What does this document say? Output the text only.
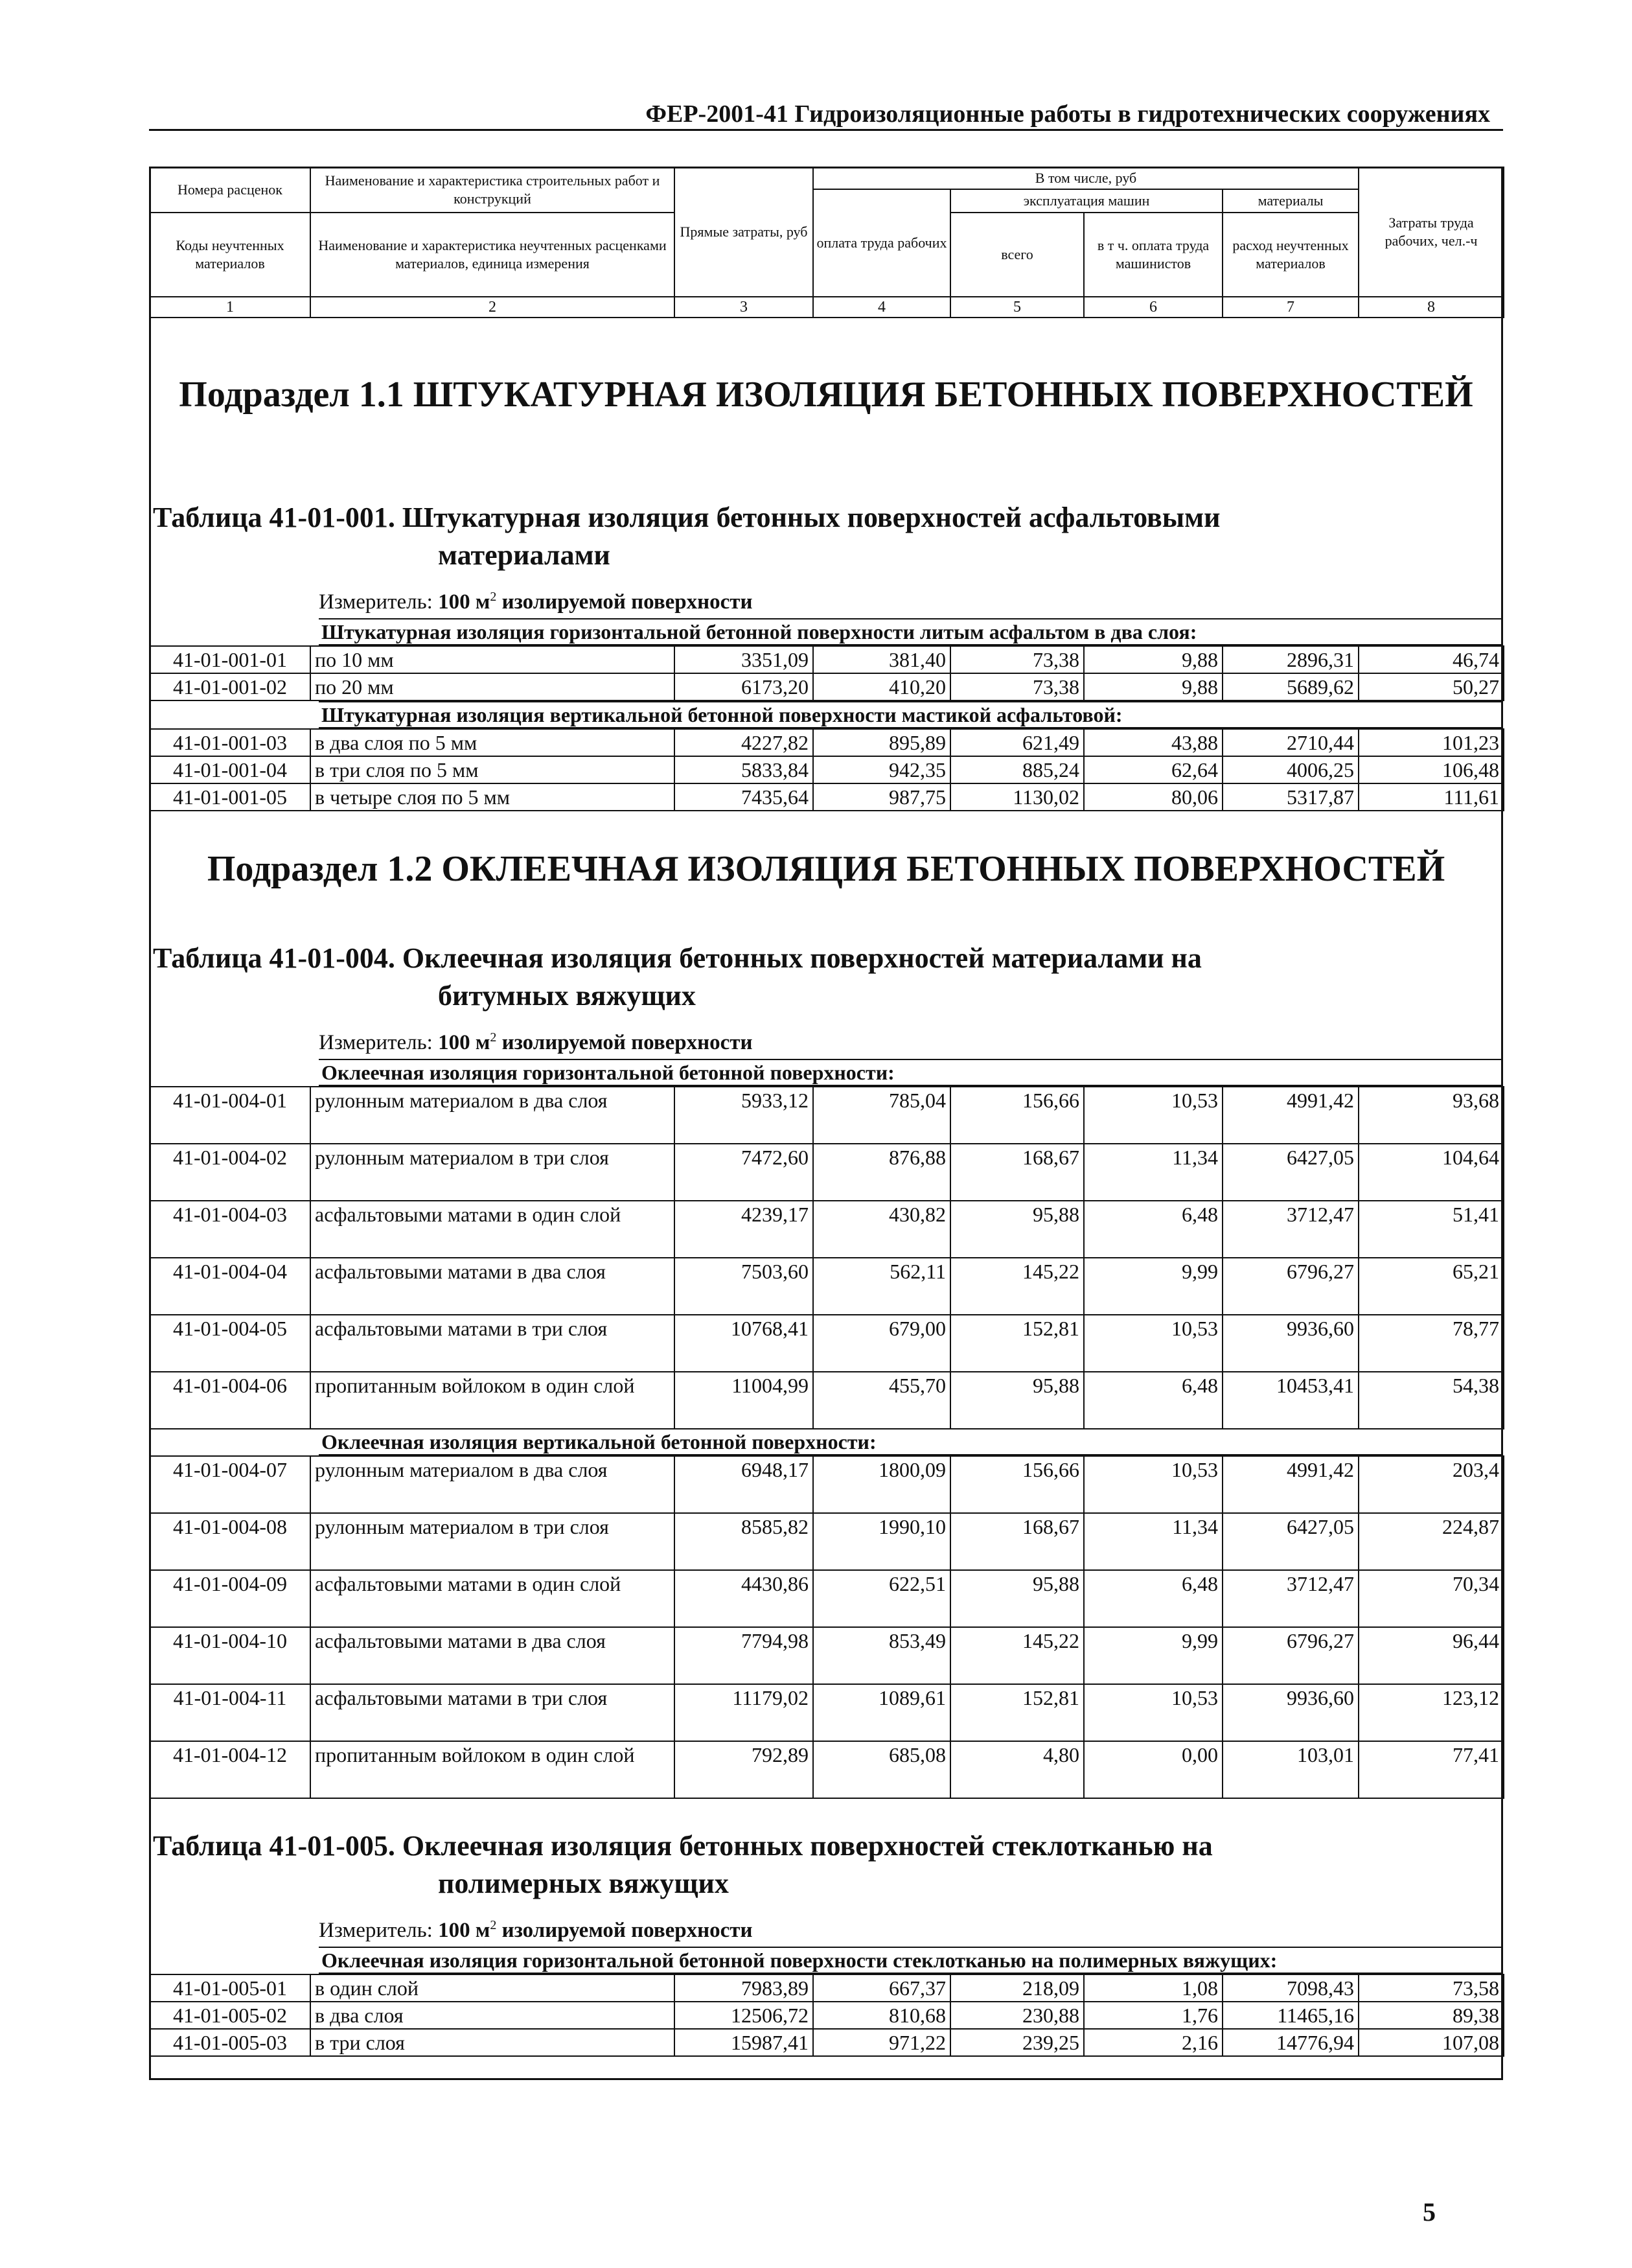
ФЕР-2001-41 Гидроизоляционные работы в гидротехнических сооружениях
Номера расценок	Наименование и характеристика строительных работ и конструкций	Прямые затраты, руб	В том числе, руб				Затраты труда рабочих, чел.-ч
			оплата труда рабочих	эксплуатация машин		материалы	
Коды неучтенных материалов	Наименование и характеристика неучтенных расценками материалов, единица измерения			всего	в т ч. оплата труда машинистов	расход неучтенных материалов	

1	2	3	4	5	6	7	8
Подраздел 1.1 ШТУКАТУРНАЯ ИЗОЛЯЦИЯ БЕТОННЫХ ПОВЕРХНОСТЕЙ
Таблица 41-01-001. Штукатурная изоляция бетонных поверхностей асфальтовыми
материалами
Измеритель: 100 $м^2$ изолируемой поверхности
Штукатурная изоляция горизонтальной бетонной поверхности литым асфальтом в два слоя:
41-01-001-01	по 10 мм	3351,09	381,40	73,38	9,88	2896,31	46,74
41-01-001-02	по 20 мм	6173,20	410,20	73,38	9,88	5689,62	50,27
Штукатурная изоляция вертикальной бетонной поверхности мастикой асфальтовой:
41-01-001-03	в два слоя по 5 мм	4227,82	895,89	621,49	43,88	2710,44	101,23
41-01-001-04	в три слоя по 5 мм	5833,84	942,35	885,24	62,64	4006,25	106,48
41-01-001-05	в четыре слоя по 5 мм	7435,64	987,75	1130,02	80,06	5317,87	111,61
Подраздел 1.2 ОКЛЕЕЧНАЯ ИЗОЛЯЦИЯ БЕТОННЫХ ПОВЕРХНОСТЕЙ
Таблица 41-01-004. Оклеечная изоляция бетонных поверхностей материалами на
битумных вяжущих
Измеритель: 100 $м^2$ изолируемой поверхности
Оклеечная изоляция горизонтальной бетонной поверхности:
41-01-004-01	рулонным материалом в два слоя	5933,12	785,04	156,66	10,53	4991,42	93,68
41-01-004-02	рулонным материалом в три слоя	7472,60	876,88	168,67	11,34	6427,05	104,64
41-01-004-03	асфальтовыми матами в один слой	4239,17	430,82	95,88	6,48	3712,47	51,41
41-01-004-04	асфальтовыми матами в два слоя	7503,60	562,11	145,22	9,99	6796,27	65,21
41-01-004-05	асфальтовыми матами в три слоя	10768,41	679,00	152,81	10,53	9936,60	78,77
41-01-004-06	пропитанным войлоком в один слой	11004,99	455,70	95,88	6,48	10453,41	54,38
Оклеечная изоляция вертикальной бетонной поверхности:
41-01-004-07	рулонным материалом в два слоя	6948,17	1800,09	156,66	10,53	4991,42	203,4
41-01-004-08	рулонным материалом в три слоя	8585,82	1990,10	168,67	11,34	6427,05	224,87
41-01-004-09	асфальтовыми матами в один слой	4430,86	622,51	95,88	6,48	3712,47	70,34
41-01-004-10	асфальтовыми матами в два слоя	7794,98	853,49	145,22	9,99	6796,27	96,44
41-01-004-11	асфальтовыми матами в три слоя	11179,02	1089,61	152,81	10,53	9936,60	123,12
41-01-004-12	пропитанным войлоком в один слой	792,89	685,08	4,80	0,00	103,01	77,41
Таблица 41-01-005. Оклеечная изоляция бетонных поверхностей стеклотканью на
полимерных вяжущих
Измеритель: 100 $м^2$ изолируемой поверхности
Оклеечная изоляция горизонтальной бетонной поверхности стеклотканью на полимерных вяжущих:
41-01-005-01	в один слой	7983,89	667,37	218,09	1,08	7098,43	73,58
41-01-005-02	в два слоя	12506,72	810,68	230,88	1,76	11465,16	89,38
41-01-005-03	в три слоя	15987,41	971,22	239,25	2,16	14776,94	107,08
5
